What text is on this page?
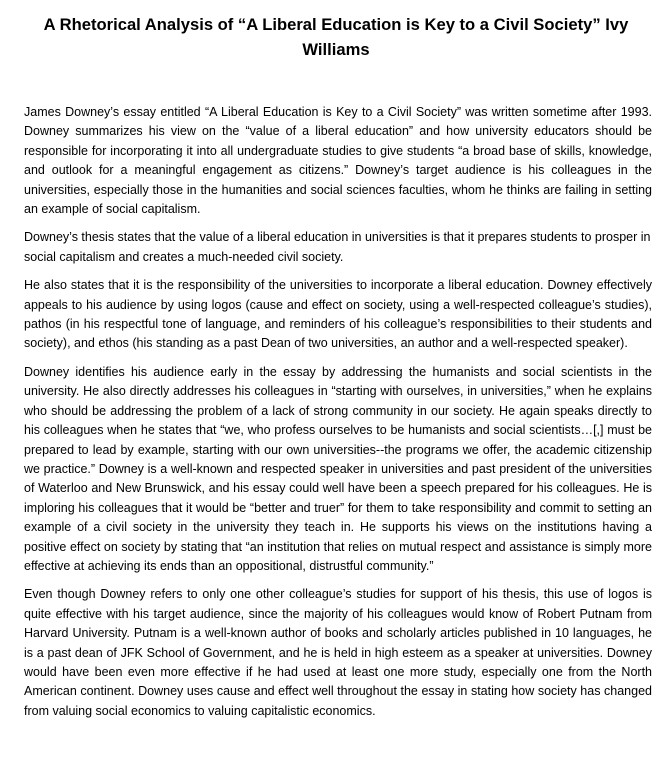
A Rhetorical Analysis of “A Liberal Education is Key to a Civil Society” Ivy Williams

James Downey’s essay entitled “A Liberal Education is Key to a Civil Society” was written sometime after 1993. Downey summarizes his view on the “value of a liberal education” and how university educators should be responsible for incorporating it into all undergraduate studies to give students “a broad base of skills, knowledge, and outlook for a meaningful engagement as citizens.” Downey’s target audience is his colleagues in the universities, especially those in the humanities and social sciences faculties, whom he thinks are failing in setting an example of social capitalism.

Downey’s thesis states that the value of a liberal education in universities is that it prepares students to prosper in social capitalism and creates a much-needed civil society.

He also states that it is the responsibility of the universities to incorporate a liberal education. Downey effectively appeals to his audience by using logos (cause and effect on society, using a well-respected colleague’s studies), pathos (in his respectful tone of language, and reminders of his colleague’s responsibilities to their students and society), and ethos (his standing as a past Dean of two universities, an author and a well-respected speaker).

Downey identifies his audience early in the essay by addressing the humanists and social scientists in the university. He also directly addresses his colleagues in “starting with ourselves, in universities,” when he explains who should be addressing the problem of a lack of strong community in our society. He again speaks directly to his colleagues when he states that “we, who profess ourselves to be humanists and social scientists…[,] must be prepared to lead by example, starting with our own universities--the programs we offer, the academic citizenship we practice.” Downey is a well-known and respected speaker in universities and past president of the universities of Waterloo and New Brunswick, and his essay could well have been a speech prepared for his colleagues. He is imploring his colleagues that it would be “better and truer” for them to take responsibility and commit to setting an example of a civil society in the university they teach in. He supports his views on the institutions having a positive effect on society by stating that “an institution that relies on mutual respect and assistance is simply more effective at achieving its ends than an oppositional, distrustful community.”

Even though Downey refers to only one other colleague’s studies for support of his thesis, this use of logos is quite effective with his target audience, since the majority of his colleagues would know of Robert Putnam from Harvard University. Putnam is a well-known author of books and scholarly articles published in 10 languages, he is a past dean of JFK School of Government, and he is held in high esteem as a speaker at universities. Downey would have been even more effective if he had used at least one more study, especially one from the North American continent. Downey uses cause and effect well throughout the essay in stating how society has changed from valuing social economics to valuing capitalistic economics.
